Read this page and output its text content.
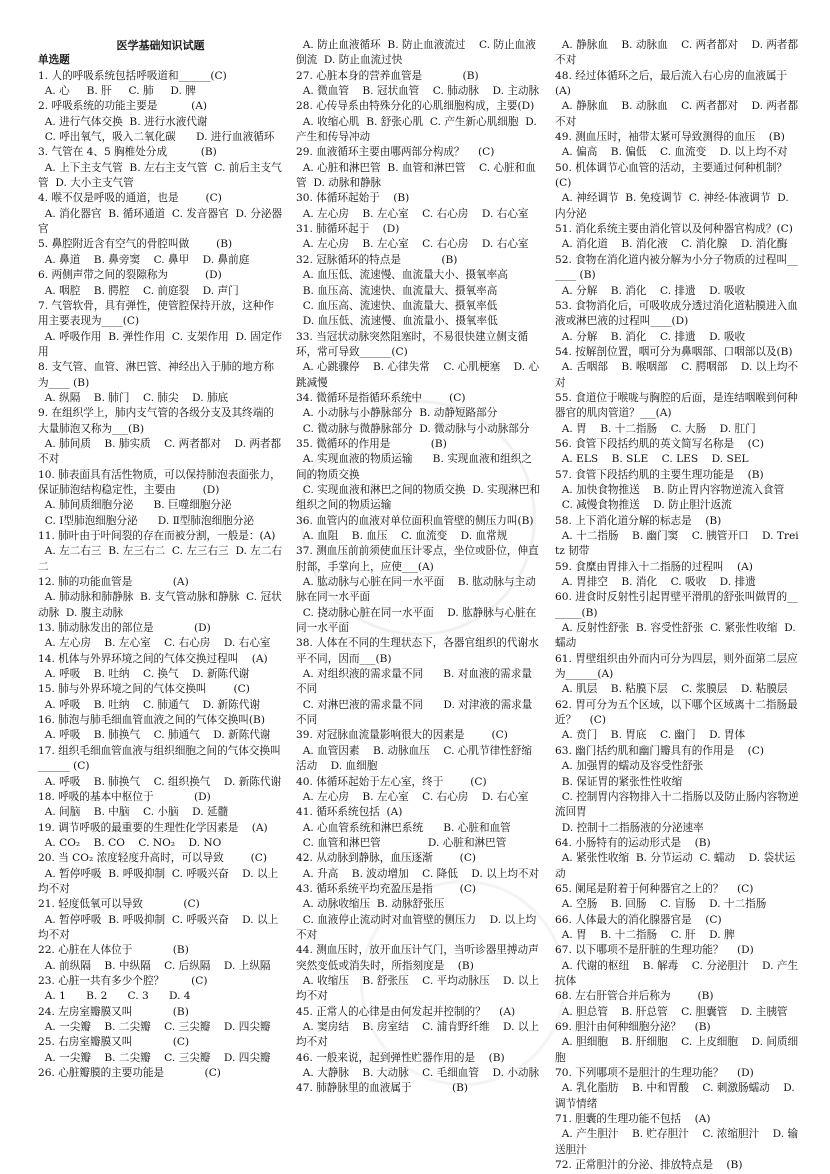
医学基础知识试题

单选题

1. 人的呼吸系统包括呼吸道和______(C)

A. 心     B. 肝     C. 肺     D. 脾

2. 呼吸系统的功能主要是          (A)

A. 进行气体交换  B. 进行水液代谢

C. 呼出氧气，吸入二氧化碳      D. 进行血液循环

3. 气管在 4、5 胸椎处分成          (B)

A. 上下主支气管  B. 左右主支气管  C. 前后主支气管  D. 大小主支气管

4. 喉不仅是呼吸的通道，也是        (C)

A. 消化器官  B. 循环通道  C. 发音器官  D. 分泌器官

5. 鼻腔附近含有空气的骨腔叫做        (B)

A. 鼻道    B. 鼻旁窦    C. 鼻甲    D. 鼻前庭

6. 两侧声带之间的裂隙称为           (D)

A. 咽腔    B. 腭腔    C. 前庭裂    D. 声门

7. 气管软骨，具有弹性，使管腔保持开放，这种作用主要表现为____(C)

A. 呼吸作用  B. 弹性作用  C. 支架作用  D. 固定作用

8. 支气管、血管、淋巴管、神经出入于肺的地方称为____ (B)

A. 纵隔    B. 肺门    C. 肺尖    D. 肺底

9. 在组织学上，肺内支气管的各级分支及其终端的大量肺泡又称为___(B)

A. 肺间质    B. 肺实质    C. 两者都对    D. 两者都不对

10. 肺表面具有活性物质，可以保持肺泡表面张力，保证肺泡结构稳定性，主要由        (D)

A. 肺间质细胞分泌      B. 巨噬细胞分泌

C. Ⅰ型肺泡细胞分泌      D. Ⅱ型肺泡细胞分泌

11. 肺叶由于叶间裂的存在而被分割，一般是：(A)

A. 左二右三  B. 左三右二  C. 左三右三  D. 左二右二

12. 肺的功能血管是            (A)

A. 肺动脉和肺静脉  B. 支气管动脉和静脉  C. 冠状动脉  D. 腹主动脉

13. 肺动脉发出的部位是            (D)

A. 左心房    B. 左心室    C. 右心房    D. 右心室

14. 机体与外界环境之间的气体交换过程叫    (A)

A. 呼吸    B. 吐纳    C. 换气    D. 新陈代谢

15. 肺与外界环境之间的气体交换叫        (C)

A. 呼吸    B. 吐纳    C. 肺通气    D. 新陈代谢

16. 肺泡与肺毛细血管血液之间的气体交换叫(B)

A. 呼吸    B. 肺换气    C. 肺通气    D. 新陈代谢

17. 组织毛细血管血液与组织细胞之间的气体交换叫______ (C)

A. 呼吸    B. 肺换气    C. 组织换气    D. 新陈代谢

18. 呼吸的基本中枢位于            (D)

A. 间脑    B. 中脑    C. 小脑    D. 延髓

19. 调节呼吸的最重要的生理性化学因素是    (A)

A. CO₂    B. CO    C. NO₂    D. NO

20. 当 CO₂ 浓度轻度升高时，可以导致        (C)

A. 暂停呼吸  B. 呼吸抑制  C. 呼吸兴奋    D. 以上均不对

21. 轻度低氧可以导致            (C)

A. 暂停呼吸  B. 呼吸抑制  C. 呼吸兴奋    D. 以上均不对

22. 心脏在人体位于            (B)

A. 前纵隔    B. 中纵隔    C. 后纵隔    D. 上纵隔

23. 心脏一共有多少个腔？        (C)

A. 1      B. 2      C. 3      D. 4

24. 左房室瓣膜又叫            (B)

A. 一尖瓣    B. 二尖瓣    C. 三尖瓣    D. 四尖瓣

25. 右房室瓣膜又叫            (C)

A. 一尖瓣    B. 二尖瓣    C. 三尖瓣    D. 四尖瓣

26. 心脏瓣膜的主要功能是            (C)

A. 防止血液循环  B. 防止血液流过    C. 防止血液倒流  D. 防止血流过快

27. 心脏本身的营养血管是            (B)

A. 微血管    B. 冠状血管    C. 肺动脉    D. 主动脉

28. 心传导系由特殊分化的心肌细胞构成，主要(D)

A. 收缩心肌  B. 舒张心肌  C. 产生新心肌细胞  D. 产生和传导冲动

29. 血液循环主要由哪两部分构成？    (C)

A. 心脏和淋巴管  B. 血管和淋巴管    C. 心脏和血管  D. 动脉和静脉

30. 体循环起始于    (B)

A. 左心房    B. 左心室    C. 右心房    D. 右心室

31. 肺循环起于    (D)

A. 左心房    B. 左心室    C. 右心房    D. 右心室

32. 冠脉循环的特点是            (B)

A. 血压低、流速慢、血流量大小、摄氧率高

B. 血压高、流速快、血流量大、摄氧率高

C. 血压高、流速快、血流量大、摄氧率低

D. 血压低、流速慢、血流量小、摄氧率低

33. 当冠状动脉突然阻塞时，不易很快建立侧支循环，常可导致______(C)

A. 心跳骤停    B. 心律失常    C. 心肌梗塞    D. 心跳减慢

34. 微循环是指循环系统中        (C)

A. 小动脉与小静脉部分  B. 动静短路部分

C. 微动脉与微静脉部分  D. 微动脉与小动脉部分

35. 微循环的作用是            (B)

A. 实现血液的物质运输      B. 实现血液和组织之间的物质交换

C. 实现血液和淋巴之间的物质交换  D. 实现淋巴和组织之间的物质运输

36. 血管内的血液对单位面积血管壁的侧压力叫(B)

A. 血阻    B. 血压    C. 血流变    D. 血常规

37. 测血压前前须使血压计零点，坐位或卧位，伸直肘部，手掌向上，应使___(A)

A. 肱动脉与心脏在同一水平面    B. 肱动脉与主动脉在同一水平面

C. 挠动脉心脏在同一水平面    D. 肱静脉与心脏在同一水平面

38. 人体在不同的生理状态下，各器官组织的代谢水平不同，因而___(B)

A. 对组织液的需求量不同      B. 对血液的需求量不同

C. 对淋巴液的需求量不同      D. 对津液的需求量不同

39. 对冠脉血流量影响很大的因素是        (C)

A. 血管因素    B. 动脉血压    C. 心肌节律性舒缩活动    D. 血细胞

40. 体循环起始于左心室，终于        (C)

A. 左心房    B. 左心室    C. 右心房    D. 右心室

41. 循环系统包括  (A)

A. 心血管系统和淋巴系统      B. 心脏和血管

C. 血管和淋巴管              D. 心脏和淋巴管

42. 从动脉到静脉，血压逐渐        (C)

A. 升高    B. 波动增加    C. 降低    D. 以上均不对

43. 循环系统平均充盈压是指        (C)

A. 动脉收缩压  B. 动脉舒张压

C. 血液停止流动时对血管壁的侧压力    D. 以上均不对

44. 测血压时，放开血压计气门，当听诊器里搏动声突然变低或消失时，所指刻度是    (B)

A. 收缩压    B. 舒张压    C. 平均动脉压    D. 以上均不对

45. 正常人的心律是由何发起并控制的？    (A)

A. 窦房结    B. 房室结    C. 浦肯野纤维    D. 以上均不对

46. 一般来说，起到弹性贮器作用的是    (B)

A. 大静脉    B. 大动脉    C. 毛细血管    D. 小动脉

47. 肺静脉里的血液属于            (B)

A. 静脉血    B. 动脉血    C. 两者都对    D. 两者都不对

48. 经过体循环之后，最后流入右心房的血液属于(A)

A. 静脉血    B. 动脉血    C. 两者都对    D. 两者都不对

49. 测血压时，袖带太紧可导致测得的血压    (B)

A. 偏高    B. 偏低    C. 血流变    D. 以上均不对

50. 机体调节心血管的活动，主要通过何种机制？(C)

A. 神经调节  B. 免疫调节  C. 神经-体液调节  D. 内分泌

51. 消化系统主要由消化管以及何种器官构成？(C)

A. 消化道    B. 消化液    C. 消化腺    D. 消化酶

52. 食物在消化道内被分解为小分子物质的过程叫______ (B)

A. 分解    B. 消化    C. 排遗    D. 吸收

53. 食物消化后，可吸收成分透过消化道粘膜进入血液或淋巴液的过程叫____(D)

A. 分解    B. 消化    C. 排遗    D. 吸收

54. 按解剖位置，咽可分为鼻咽部、口咽部以及(B)

A. 舌咽部    B. 喉咽部    C. 腭咽部    D. 以上均不对

55. 食道位于喉咙与胸腔的后面，是连结咽喉到何种器官的肌肉管道？___(A)

A. 胃    B. 十二指肠    C. 大肠    D. 肛门

56. 食管下段括约肌的英文简写名称是    (C)

A. ELS    B. SLE    C. LES    D. SEL

57. 食管下段括约肌的主要生理功能是    (B)

A. 加快食物推送    B. 防止胃内容物逆流入食管

C. 减慢食物推送    D. 防止胆汁返流

58. 上下消化道分解的标志是    (B)

A. 十二指肠    B. 幽门窦    C. 胰管开口    D. Treitz 韧带

59. 食糜由胃排入十二指肠的过程叫    (A)

A. 胃排空    B. 消化    C. 吸收    D. 排遗

60. 进食时反射性引起胃壁平滑肌的舒张叫做胃的_______(B)

A. 反射性舒张  B. 容受性舒张  C. 紧张性收缩  D. 蠕动

61. 胃壁组织由外而内可分为四层，则外面第二层应为______(A)

A. 肌层    B. 粘膜下层    C. 浆膜层    D. 粘膜层

62. 胃可分为五个区域，以下哪个区域离十二指肠最近？    (C)

A. 贲门    B. 胃底    C. 幽门    D. 胃体

63. 幽门括约肌和幽门瓣具有的作用是    (C)

A. 加强胃的蠕动及容受性舒张

B. 保证胃的紧张性性收缩

C. 控制胃内容物排入十二指肠以及防止肠内容物逆流回胃

D. 控制十二指肠液的分泌速率

64. 小肠特有的运动形式是    (B)

A. 紧张性收缩  B. 分节运动  C. 蠕动    D. 袋状运动

65. 阑尾是附着于何种器官之上的？    (C)

A. 空肠    B. 回肠    C. 盲肠    D. 十二指肠

66. 人体最大的消化腺器官是    (C)

A. 胃    B. 十二指肠    C. 肝    D. 脾

67. 以下哪项不是肝脏的生理功能？    (D)

A. 代谢的枢纽    B. 解毒    C. 分泌胆汁    D. 产生抗体

68. 左右肝管合并后称为        (B)

A. 胆总管    B. 肝总管    C. 胆囊管    D. 主胰管

69. 胆汁由何种细胞分泌？    (B)

A. 胆细胞    B. 肝细胞    C. 上皮细胞    D. 间质细胞

70. 下列哪项不是胆汁的生理功能？    (D)

A. 乳化脂肪    B. 中和胃酸    C. 刺激肠蠕动    D. 调节情绪

71. 胆囊的生理功能不包括    (A)

A. 产生胆汁    B. 贮存胆汁    C. 浓缩胆汁    D. 输送胆汁

72. 正常胆汁的分泌、排放特点是    (B)
